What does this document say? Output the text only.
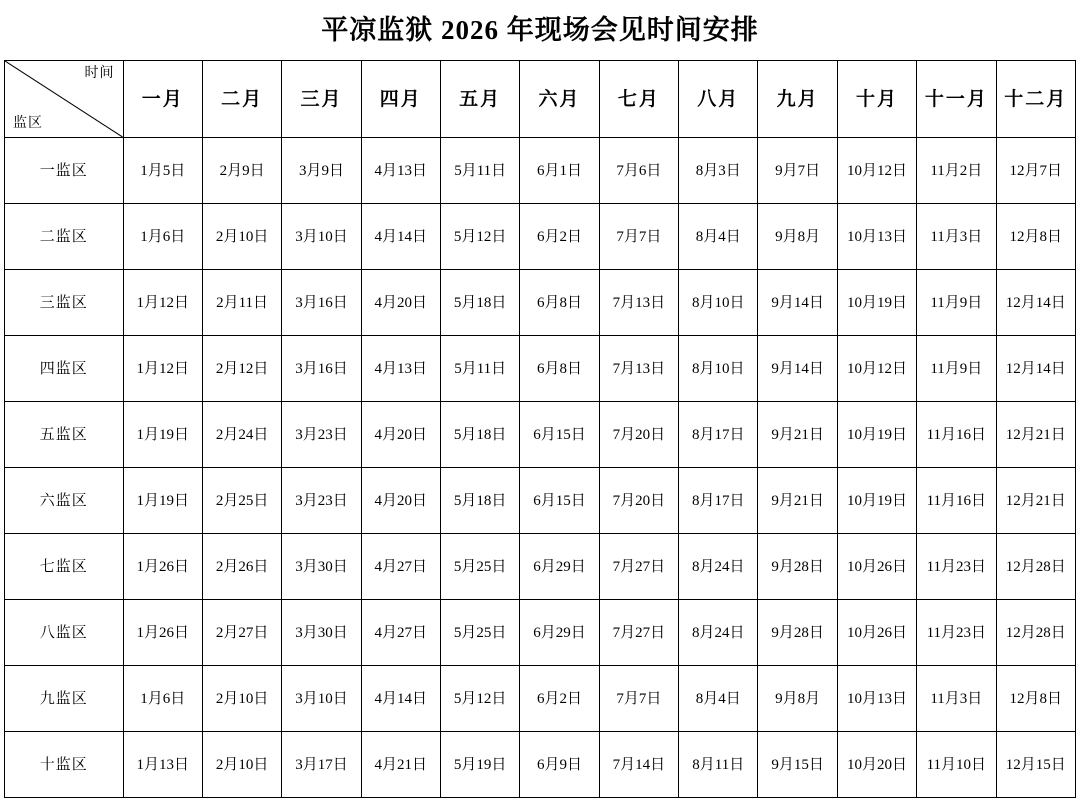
平凉监狱 2026 年现场会见时间安排
时间
监区	一月	二月	三月	四月	五月	六月	七月	八月	九月	十月	十一月	十二月
一监区	1月5日	2月9日	3月9日	4月13日	5月11日	6月1日	7月6日	8月3日	9月7日	10月12日	11月2日	12月7日
二监区	1月6日	2月10日	3月10日	4月14日	5月12日	6月2日	7月7日	8月4日	9月8月	10月13日	11月3日	12月8日
三监区	1月12日	2月11日	3月16日	4月20日	5月18日	6月8日	7月13日	8月10日	9月14日	10月19日	11月9日	12月14日
四监区	1月12日	2月12日	3月16日	4月13日	5月11日	6月8日	7月13日	8月10日	9月14日	10月12日	11月9日	12月14日
五监区	1月19日	2月24日	3月23日	4月20日	5月18日	6月15日	7月20日	8月17日	9月21日	10月19日	11月16日	12月21日
六监区	1月19日	2月25日	3月23日	4月20日	5月18日	6月15日	7月20日	8月17日	9月21日	10月19日	11月16日	12月21日
七监区	1月26日	2月26日	3月30日	4月27日	5月25日	6月29日	7月27日	8月24日	9月28日	10月26日	11月23日	12月28日
八监区	1月26日	2月27日	3月30日	4月27日	5月25日	6月29日	7月27日	8月24日	9月28日	10月26日	11月23日	12月28日
九监区	1月6日	2月10日	3月10日	4月14日	5月12日	6月2日	7月7日	8月4日	9月8月	10月13日	11月3日	12月8日
十监区	1月13日	2月10日	3月17日	4月21日	5月19日	6月9日	7月14日	8月11日	9月15日	10月20日	11月10日	12月15日
